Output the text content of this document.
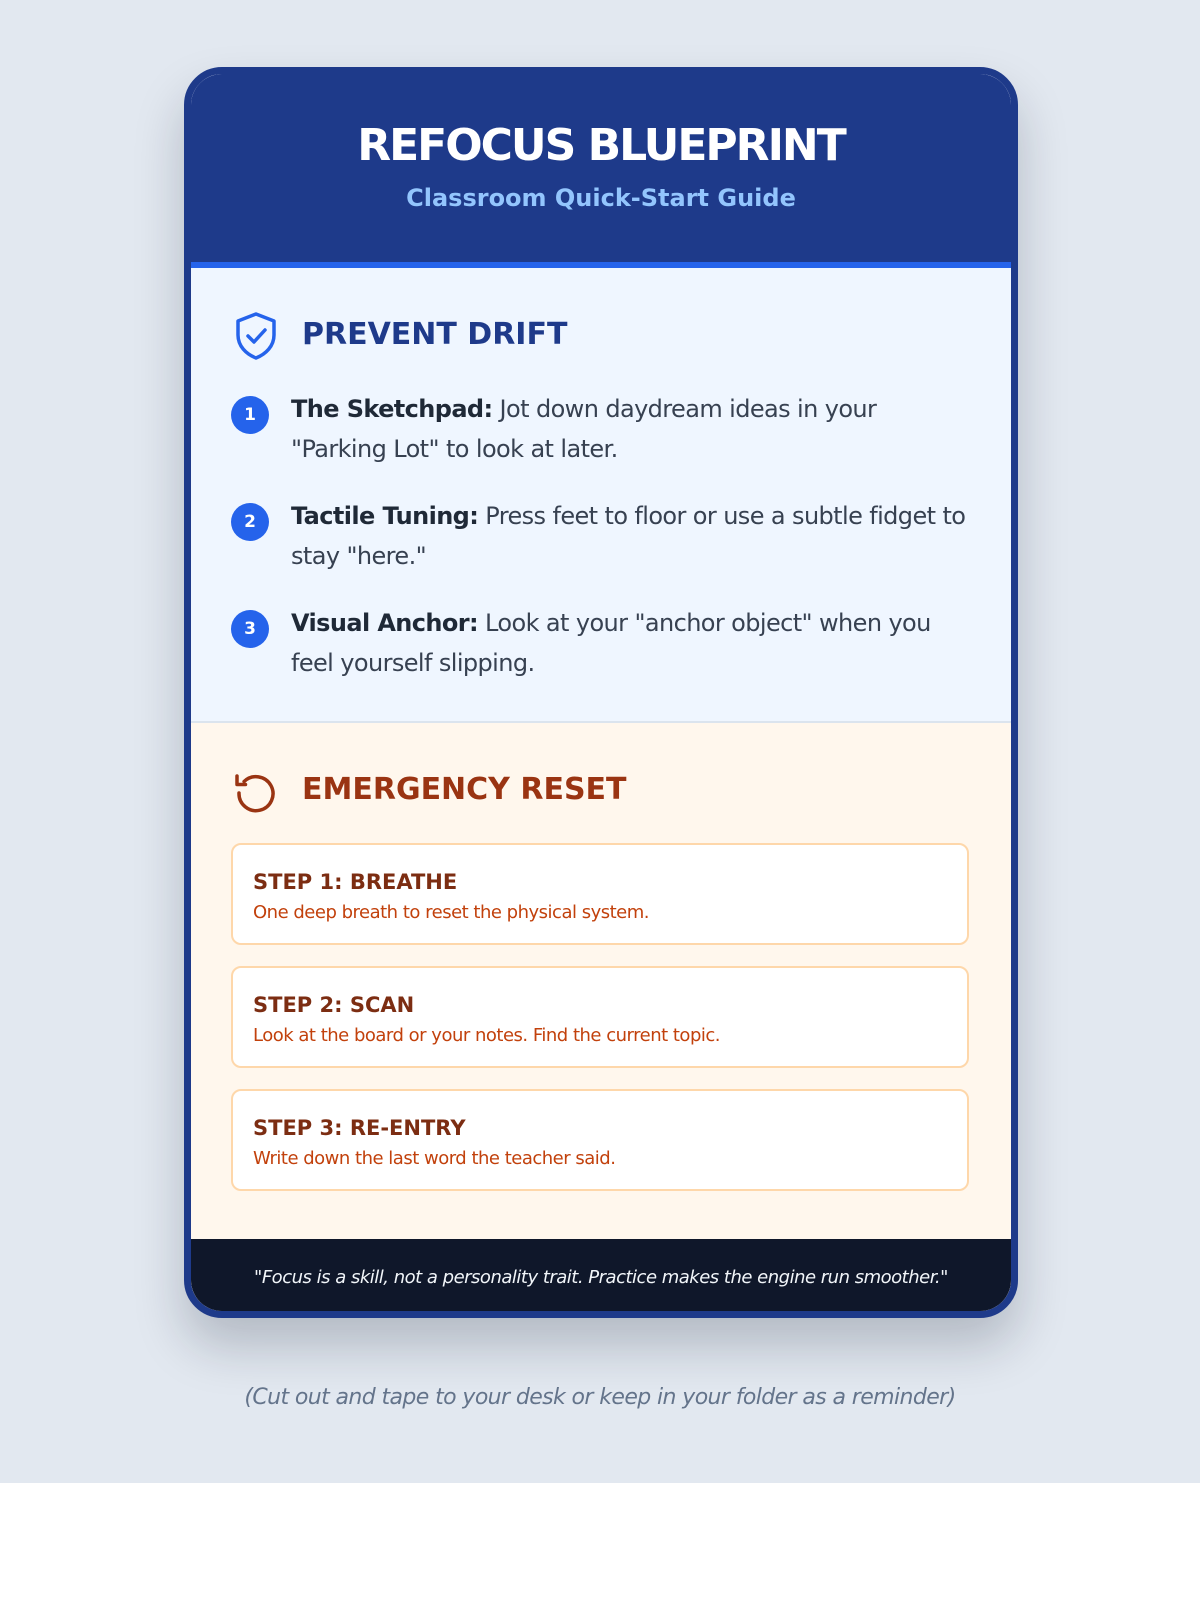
REFOCUS BLUEPRINT
Classroom Quick-Start Guide
PREVENT DRIFT
1	The Sketchpad: Jot down daydream ideas in your "Parking Lot" to look at later.
2	Tactile Tuning: Press feet to floor or use a subtle fidget to stay "here."
3	Visual Anchor: Look at your "anchor object" when you feel yourself slipping.
EMERGENCY RESET
STEP 1: BREATHE
One deep breath to reset the physical system.
STEP 2: SCAN
Look at the board or your notes. Find the current topic.
STEP 3: RE-ENTRY
Write down the last word the teacher said.
"Focus is a skill, not a personality trait. Practice makes the engine run smoother."
(Cut out and tape to your desk or keep in your folder as a reminder)
